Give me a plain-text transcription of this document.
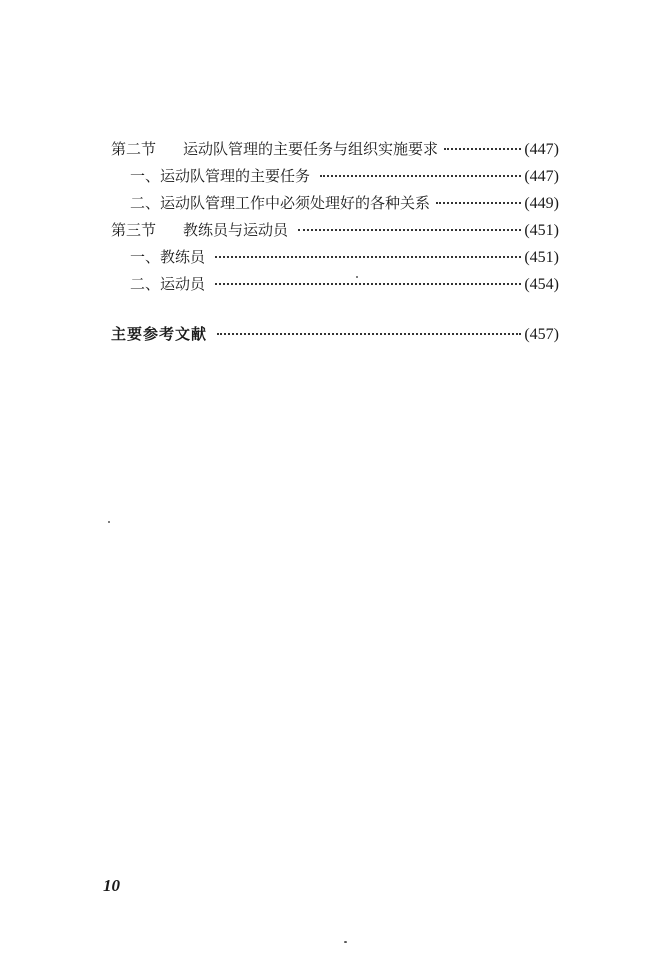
第二节 运动队管理的主要任务与组织实施要求	(447)
一、运动队管理的主要任务	(447)
二、运动队管理工作中必须处理好的各种关系	(449)
第三节 教练员与运动员	(451)
一、教练员	(451)
二、运动员	(454)
主要参考文献	(457)
10
